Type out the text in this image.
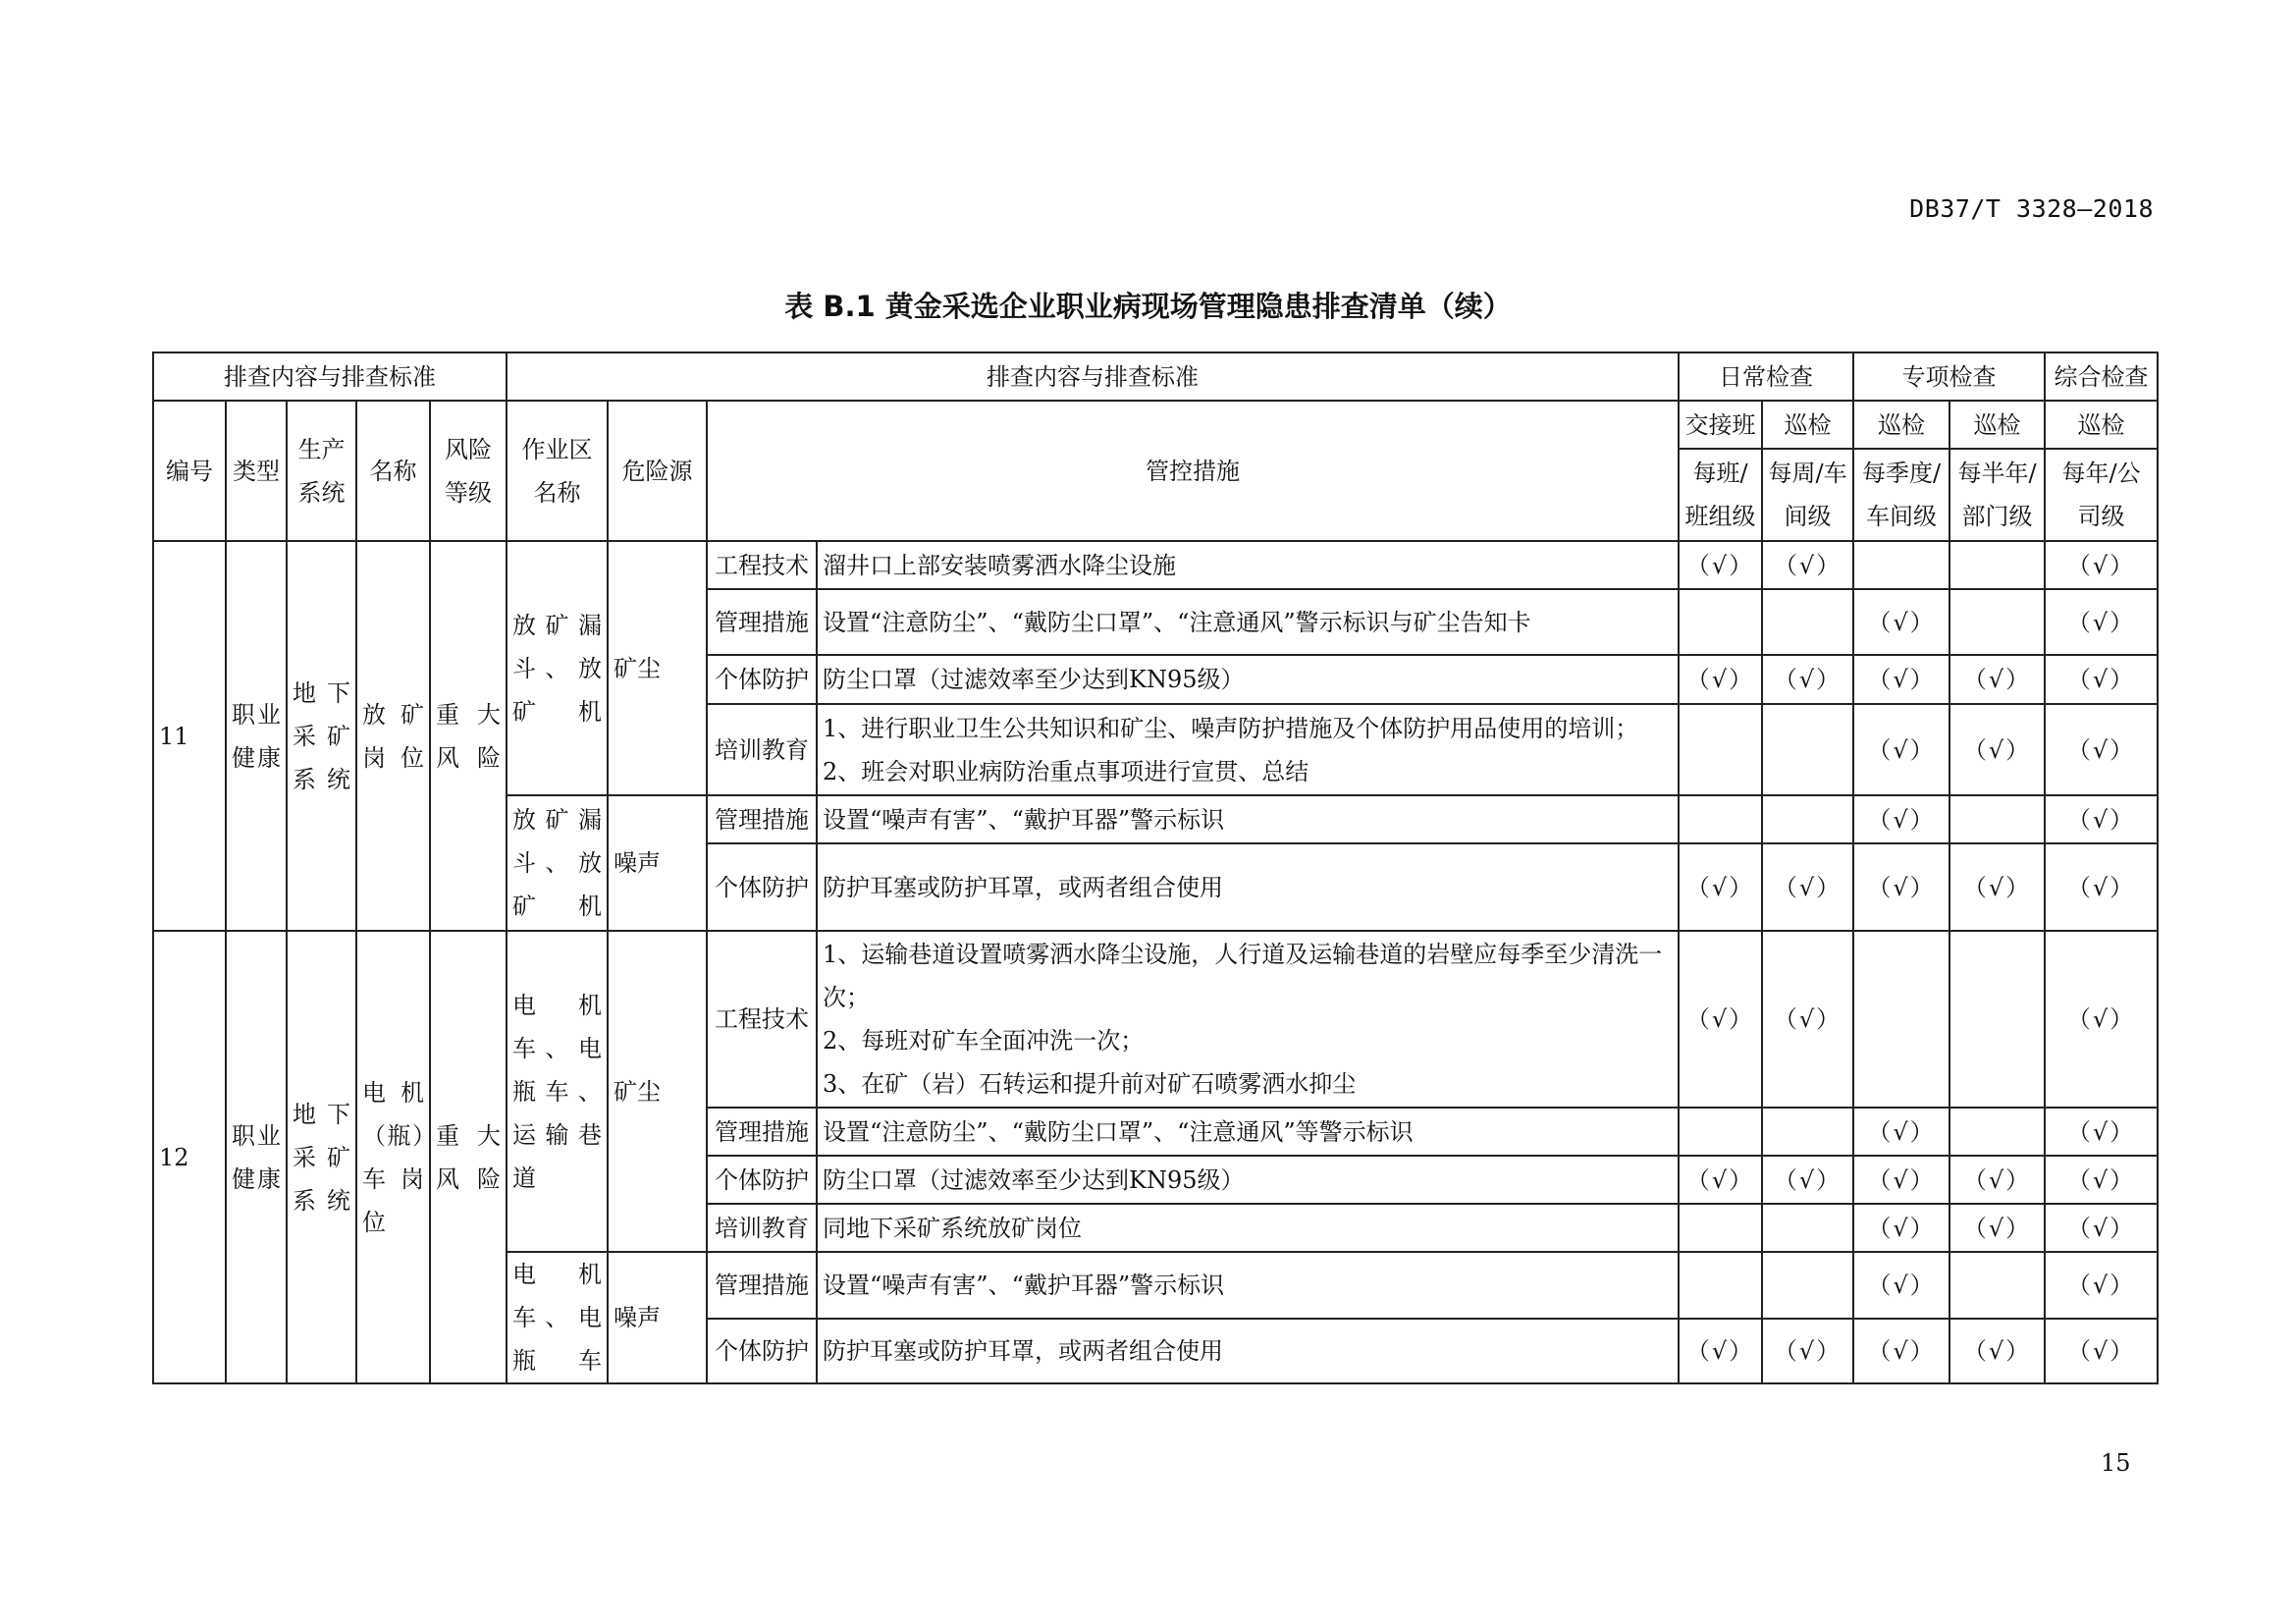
DB37/T 3328—2018
表 B.1 黄金采选企业职业病现场管理隐患排查清单（续）
排查内容与排查标准					排查内容与排查标准				日常检查		专项检查		综合检查
编号	类型	生产系统	名称	风险等级	作业区名称	危险源	管控措施		交接班	巡检	巡检	巡检	巡检
									每班/班组级	每周/车间级	每季度/车间级	每半年/部门级	每年/公司级
11	职业健康	地下采矿系统	放矿岗位	重大风险	放矿漏斗、放矿机	矿尘	工程技术	溜井口上部安装喷雾洒水降尘设施	（√）	（√）			（√）
							管理措施	设置“注意防尘”、“戴防尘口罩”、“注意通风”警示标识与矿尘告知卡			（√）		（√）
							个体防护	防尘口罩（过滤效率至少达到KN95级）	（√）	（√）	（√）	（√）	（√）
							培训教育	1、进行职业卫生公共知识和矿尘、噪声防护措施及个体防护用品使用的培训；
2、班会对职业病防治重点事项进行宣贯、总结			（√）	（√）	（√）
					放矿漏斗、放矿机	噪声	管理措施	设置“噪声有害”、“戴护耳器”警示标识			（√）		（√）
							个体防护	防护耳塞或防护耳罩，或两者组合使用	（√）	（√）	（√）	（√）	（√）
12	职业健康	地下采矿系统	电机（瓶）车岗位	重大风险	电机车、电瓶车、运输巷道	矿尘	工程技术	1、运输巷道设置喷雾洒水降尘设施，人行道及运输巷道的岩壁应每季至少清洗一次；
2、每班对矿车全面冲洗一次；
3、在矿（岩）石转运和提升前对矿石喷雾洒水抑尘	（√）	（√）			（√）
							管理措施	设置“注意防尘”、“戴防尘口罩”、“注意通风”等警示标识			（√）		（√）
							个体防护	防尘口罩（过滤效率至少达到KN95级）	（√）	（√）	（√）	（√）	（√）
							培训教育	同地下采矿系统放矿岗位			（√）	（√）	（√）
					电机车、电瓶车	噪声	管理措施	设置“噪声有害”、“戴护耳器”警示标识			（√）		（√）
							个体防护	防护耳塞或防护耳罩，或两者组合使用	（√）	（√）	（√）	（√）	（√）
15
